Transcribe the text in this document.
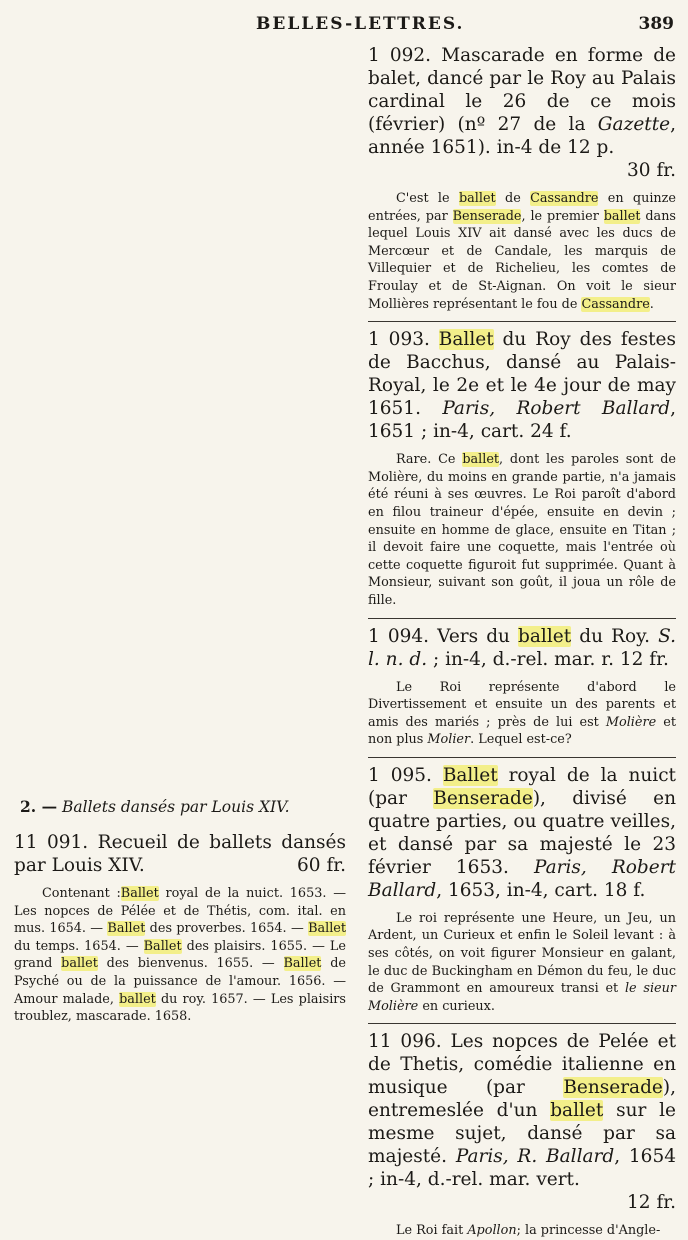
BELLES-LETTRES.	389

1 092. Mascarade en forme de balet, dancé par le Roy au Palais cardinal le 26 de ce mois (février) (nº 27 de la Gazette, année 1651). in-4 de 12 p.
30 fr.

C'est le ballet de Cassandre en quinze entrées, par Benserade, le premier ballet dans lequel Louis XIV ait dansé avec les ducs de Mercœur et de Candale, les marquis de Villequier et de Richelieu, les comtes de Froulay et de St-Aignan. On voit le sieur Mollières représentant le fou de Cassandre.

1 093. Ballet du Roy des festes de Bacchus, dansé au Palais-Royal, le 2e et le 4e jour de may 1651. Paris, Robert Ballard, 1651 ; in-4, cart. 24 f.

Rare. Ce ballet, dont les paroles sont de Molière, du moins en grande partie, n'a jamais été réuni à ses œuvres. Le Roi paroît d'abord en filou traineur d'épée, ensuite en devin ; ensuite en homme de glace, ensuite en Titan ; il devoit faire une coquette, mais l'entrée où cette coquette figuroit fut supprimée. Quant à Monsieur, suivant son goût, il joua un rôle de fille.

1 094. Vers du ballet du Roy. S. l. n. d. ; in-4, d.-rel. mar. r. 12 fr.

Le Roi représente d'abord le Divertissement et ensuite un des parents et amis des mariés ; près de lui est Molière et non plus Molier. Lequel est-ce?

1 095. Ballet royal de la nuict (par Benserade), divisé en quatre parties, ou quatre veilles, et dansé par sa majesté le 23 février 1653. Paris, Robert Ballard, 1653, in-4, cart. 18 f.

Le roi représente une Heure, un Jeu, un Ardent, un Curieux et enfin le Soleil levant : à ses côtés, on voit figurer Monsieur en galant, le duc de Buckingham en Démon du feu, le duc de Grammont en amoureux transi et le sieur Molière en curieux.

11 096. Les nopces de Pelée et de Thetis, comédie italienne en musique (par Benserade), entremeslée d'un ballet sur le mesme sujet, dansé par sa majesté. Paris, R. Ballard, 1654 ; in-4, d.-rel. mar. vert.
12 fr.

Le Roi fait Apollon; la princesse d'Angle-

2. — Ballets dansés par Louis XIV.

11 091. Recueil de ballets dansés par Louis XIV.	60 fr.

Contenant :Ballet royal de la nuict. 1653. — Les nopces de Pélée et de Thétis, com. ital. en mus. 1654. — Ballet des proverbes. 1654. — Ballet du temps. 1654. — Ballet des plaisirs. 1655. — Le grand ballet des bienvenus. 1655. — Ballet de Psyché ou de la puissance de l'amour. 1656. — Amour malade, ballet du roy. 1657. — Les plaisirs troublez, mascarade. 1658.
